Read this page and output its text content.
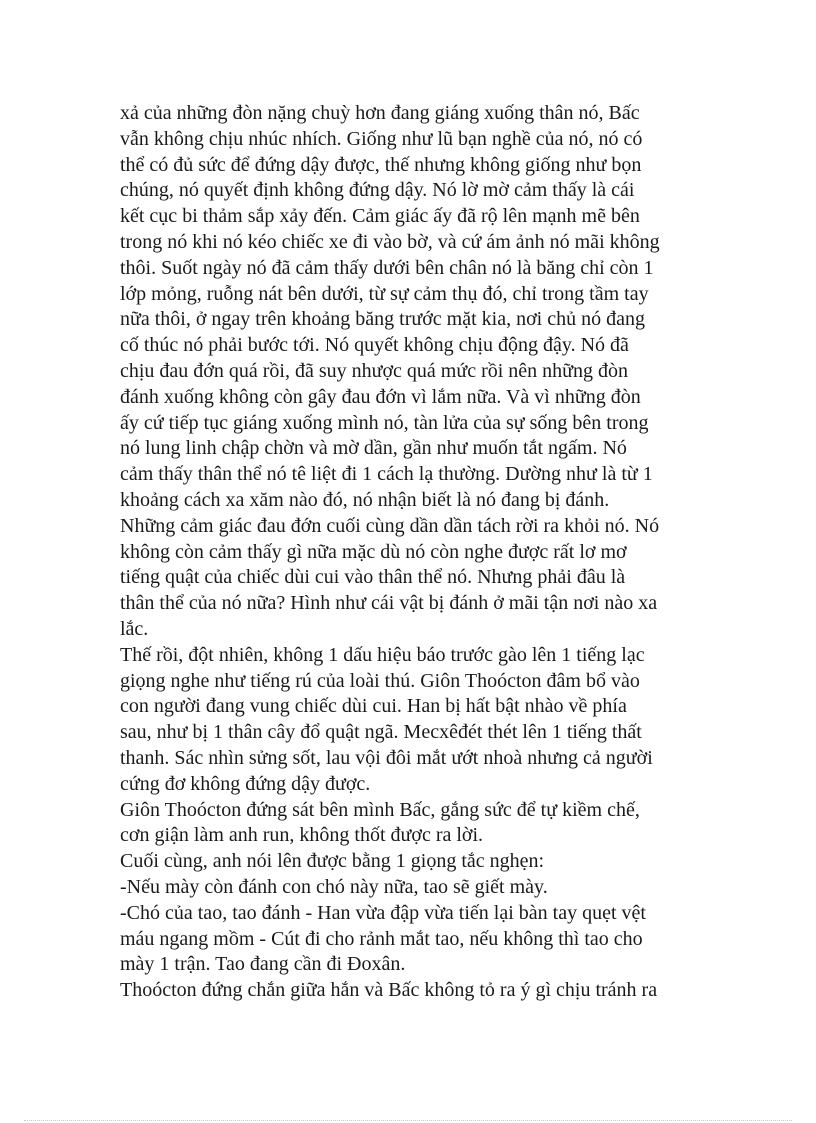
xả của những đòn nặng chuỳ hơn đang giáng xuống thân nó, Bấc
vẫn không chịu nhúc nhích. Giống như lũ bạn nghề của nó, nó có
thể có đủ sức để đứng dậy được, thế nhưng không giống như bọn
chúng, nó quyết định không đứng dậy. Nó lờ mờ cảm thấy là cái
kết cục bi thảm sắp xảy đến. Cảm giác ấy đã rộ lên mạnh mẽ bên
trong nó khi nó kéo chiếc xe đi vào bờ, và cứ ám ảnh nó mãi không
thôi. Suốt ngày nó đã cảm thấy dưới bên chân nó là băng chỉ còn 1
lớp mỏng, ruỗng nát bên dưới, từ sự cảm thụ đó, chỉ trong tầm tay
nữa thôi, ở ngay trên khoảng băng trước mặt kia, nơi chủ nó đang
cố thúc nó phải bước tới. Nó quyết không chịu động đậy. Nó đã
chịu đau đớn quá rồi, đã suy nhược quá mức rồi nên những đòn
đánh xuống không còn gây đau đớn vì lắm nữa. Và vì những đòn
ấy cứ tiếp tục giáng xuống mình nó, tàn lửa của sự sống bên trong
nó lung linh chập chờn và mờ dần, gần như muốn tắt ngấm. Nó
cảm thấy thân thể nó tê liệt đi 1 cách lạ thường. Dường như là từ 1
khoảng cách xa xăm nào đó, nó nhận biết là nó đang bị đánh.
Những cảm giác đau đớn cuối cùng dần dần tách rời ra khỏi nó. Nó
không còn cảm thấy gì nữa mặc dù nó còn nghe được rất lơ mơ
tiếng quật của chiếc dùi cui vào thân thể nó. Nhưng phải đâu là
thân thể của nó nữa? Hình như cái vật bị đánh ở mãi tận nơi nào xa
lắc.
Thế rồi, đột nhiên, không 1 dấu hiệu báo trước gào lên 1 tiếng lạc
giọng nghe như tiếng rú của loài thú. Giôn Thoócton đâm bổ vào
con người đang vung chiếc dùi cui. Han bị hất bật nhào về phía
sau, như bị 1 thân cây đổ quật ngã. Mecxêđét thét lên 1 tiếng thất
thanh. Sác nhìn sửng sốt, lau vội đôi mắt ướt nhoà nhưng cả người
cứng đơ không đứng dậy được.
Giôn Thoócton đứng sát bên mình Bấc, gắng sức để tự kiềm chế,
cơn giận làm anh run, không thốt được ra lời.
Cuối cùng, anh nói lên được bằng 1 giọng tắc nghẹn:
-Nếu mày còn đánh con chó này nữa, tao sẽ giết mày.
-Chó của tao, tao đánh - Han vừa đập vừa tiến lại bàn tay quẹt vệt
máu ngang mồm - Cút đi cho rảnh mắt tao, nếu không thì tao cho
mày 1 trận. Tao đang cần đi Đoxân.
Thoócton đứng chắn giữa hắn và Bấc không tỏ ra ý gì chịu tránh ra
